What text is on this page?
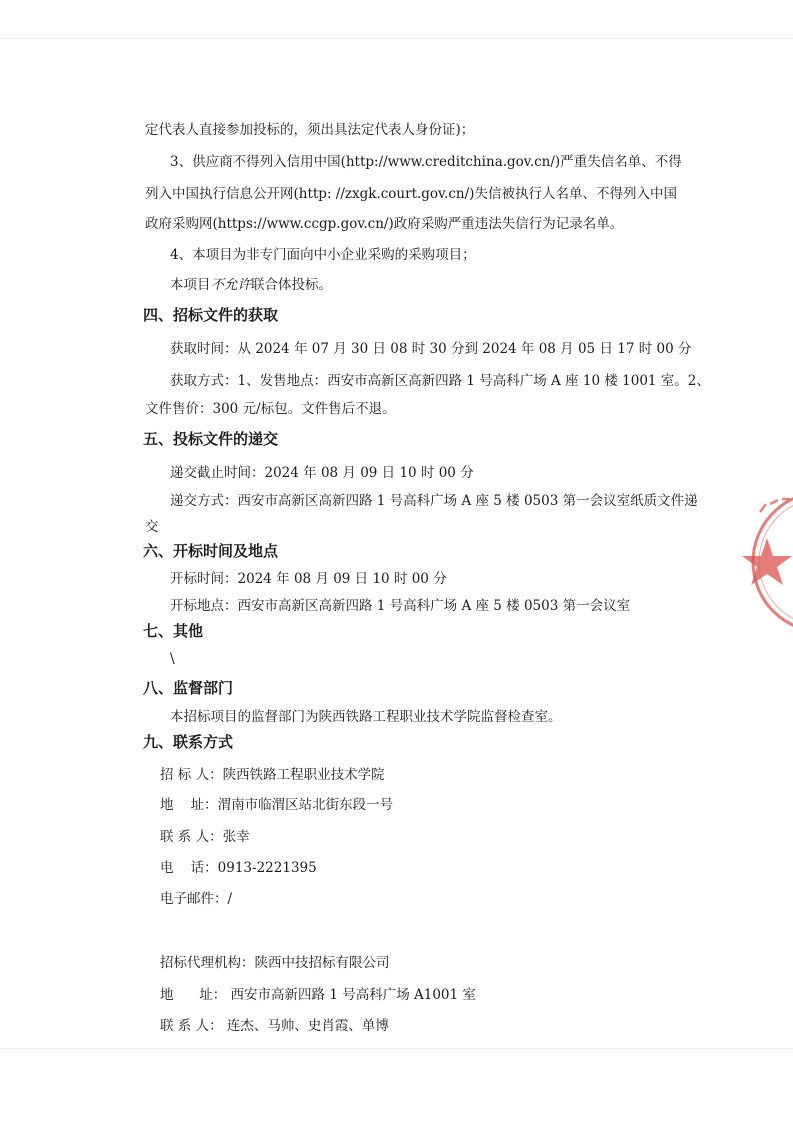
定代表人直接参加投标的，须出具法定代表人身份证)；
3、供应商不得列入信用中国(http://www.creditchina.gov.cn/)严重失信名单、不得
列入中国执行信息公开网(http: //zxgk.court.gov.cn/)失信被执行人名单、不得列入中国
政府采购网(https://www.ccgp.gov.cn/)政府采购严重违法失信行为记录名单。
4、本项目为非专门面向中小企业采购的采购项目；
本项目不允许联合体投标。
四、招标文件的获取
获取时间：从 2024 年 07 月 30 日 08 时 30 分到 2024 年 08 月 05 日 17 时 00 分
获取方式：1、发售地点：西安市高新区高新四路 1 号高科广场 A 座 10 楼 1001 室。2、
文件售价：300 元/标包。文件售后不退。
五、投标文件的递交
递交截止时间：2024 年 08 月 09 日 10 时 00 分
递交方式：西安市高新区高新四路 1 号高科广场 A 座 5 楼 0503 第一会议室纸质文件递
交
六、开标时间及地点
开标时间：2024 年 08 月 09 日 10 时 00 分
开标地点：西安市高新区高新四路 1 号高科广场 A 座 5 楼 0503 第一会议室
七、其他
\
八、监督部门
本招标项目的监督部门为陕西铁路工程职业技术学院监督检查室。
九、联系方式
招 标 人：陕西铁路工程职业技术学院
地    址：渭南市临渭区站北街东段一号
联 系 人：张幸
电    话：0913-2221395
电子邮件：/
招标代理机构：陕西中技招标有限公司
地      址： 西安市高新四路 1 号高科广场 A1001 室
联 系 人： 连杰、马帅、史肖霞、单博
